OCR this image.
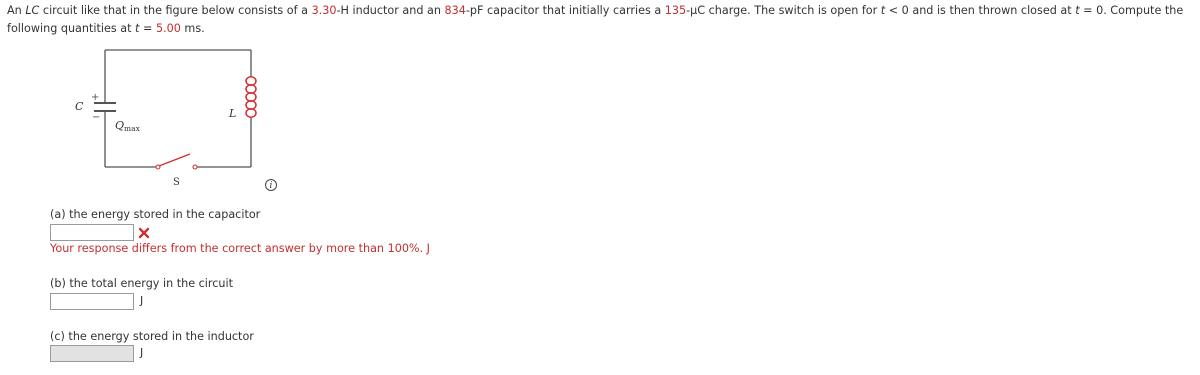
An LC circuit like that in the figure below consists of a 3.30-H inductor and an 834-pF capacitor that initially carries a 135-μC charge. The switch is open for t < 0 and is then thrown closed at t = 0. Compute the following quantities at t = 5.00 ms.
+
−
C
Qmax
L
S	i
(a) the energy stored in the capacitor
Your response differs from the correct answer by more than 100%. J
(b) the total energy in the circuit
J
(c) the energy stored in the inductor
J
